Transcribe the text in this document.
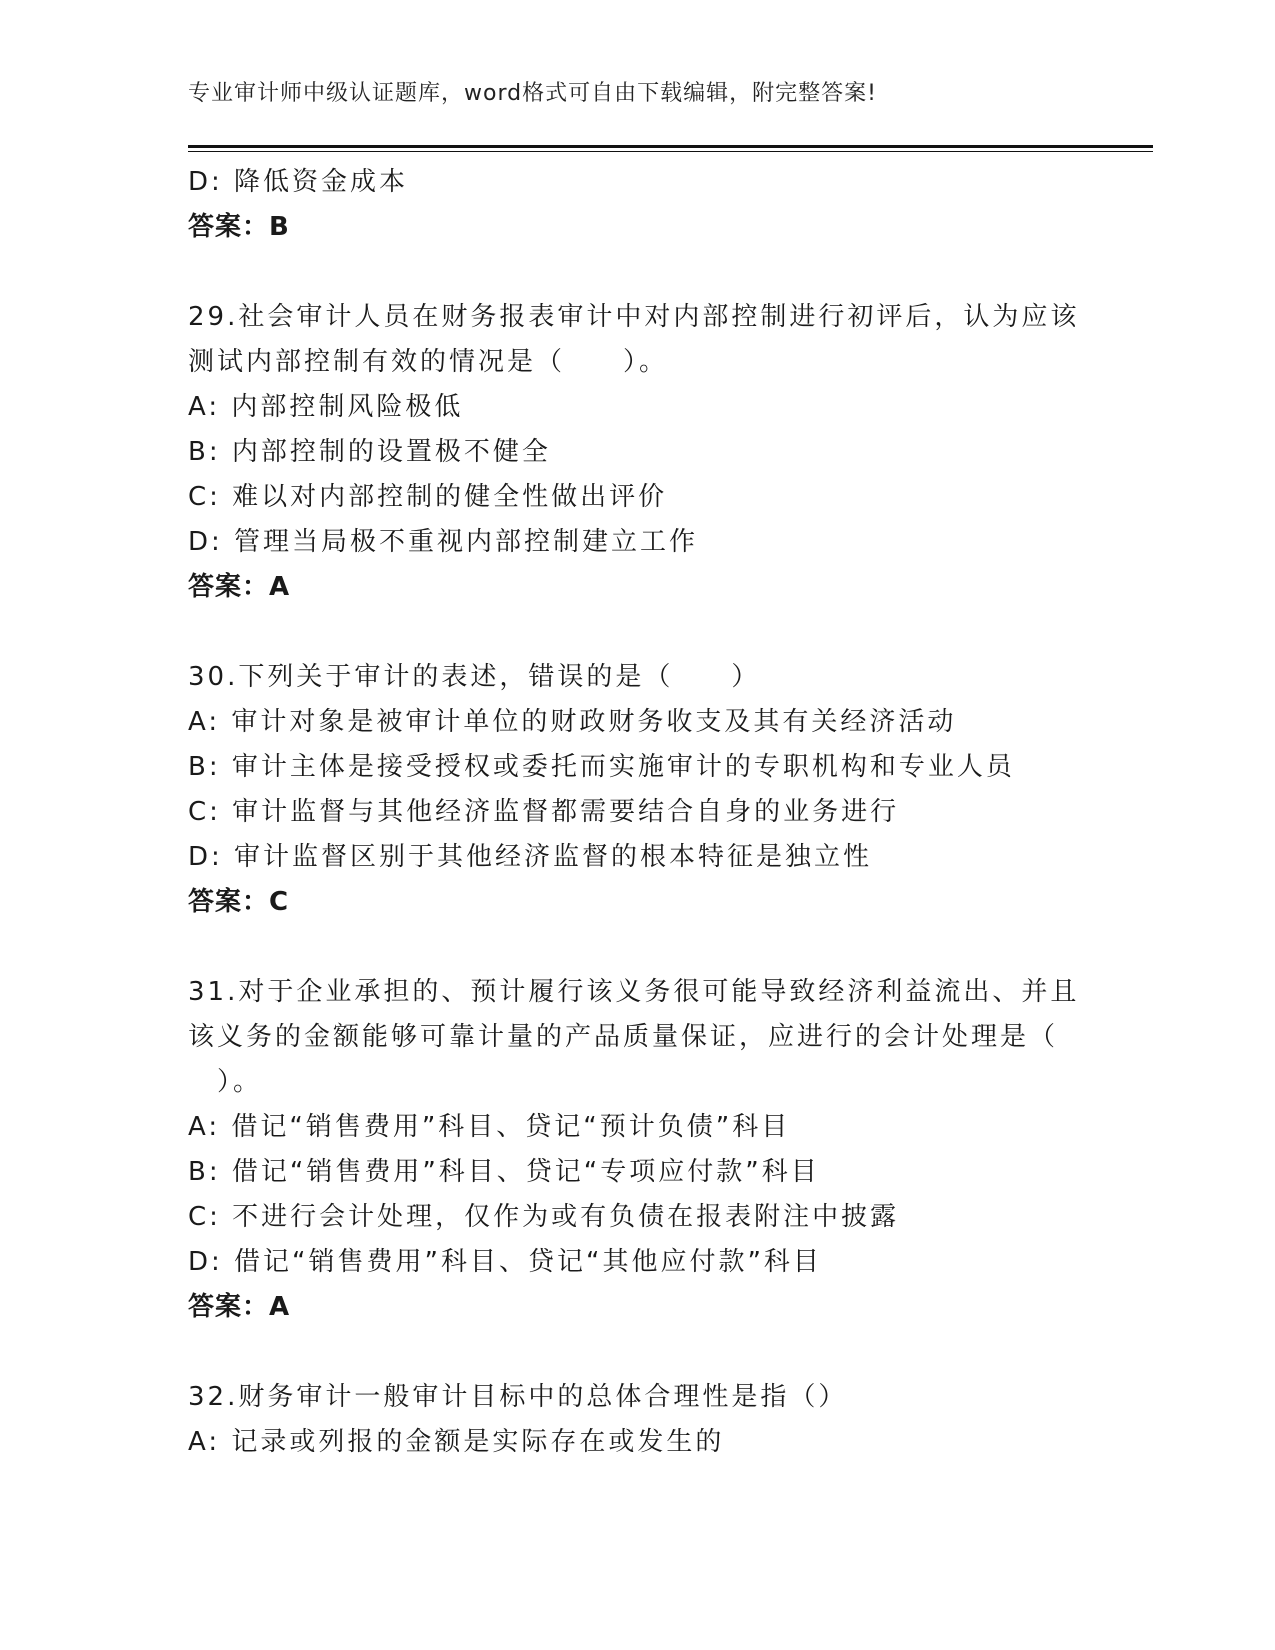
专业审计师中级认证题库，word格式可自由下载编辑，附完整答案!
D: 降低资金成本
答案：B
29.社会审计人员在财务报表审计中对内部控制进行初评后，认为应该
测试内部控制有效的情况是（　　）。
A: 内部控制风险极低
B: 内部控制的设置极不健全
C: 难以对内部控制的健全性做出评价
D: 管理当局极不重视内部控制建立工作
答案：A
30.下列关于审计的表述，错误的是（　　）
A: 审计对象是被审计单位的财政财务收支及其有关经济活动
B: 审计主体是接受授权或委托而实施审计的专职机构和专业人员
C: 审计监督与其他经济监督都需要结合自身的业务进行
D: 审计监督区别于其他经济监督的根本特征是独立性
答案：C
31.对于企业承担的、预计履行该义务很可能导致经济利益流出、并且
该义务的金额能够可靠计量的产品质量保证，应进行的会计处理是（
　）。
A: 借记“销售费用”科目、贷记“预计负债”科目
B: 借记“销售费用”科目、贷记“专项应付款”科目
C: 不进行会计处理，仅作为或有负债在报表附注中披露
D: 借记“销售费用”科目、贷记“其他应付款”科目
答案：A
32.财务审计一般审计目标中的总体合理性是指（）
A: 记录或列报的金额是实际存在或发生的
